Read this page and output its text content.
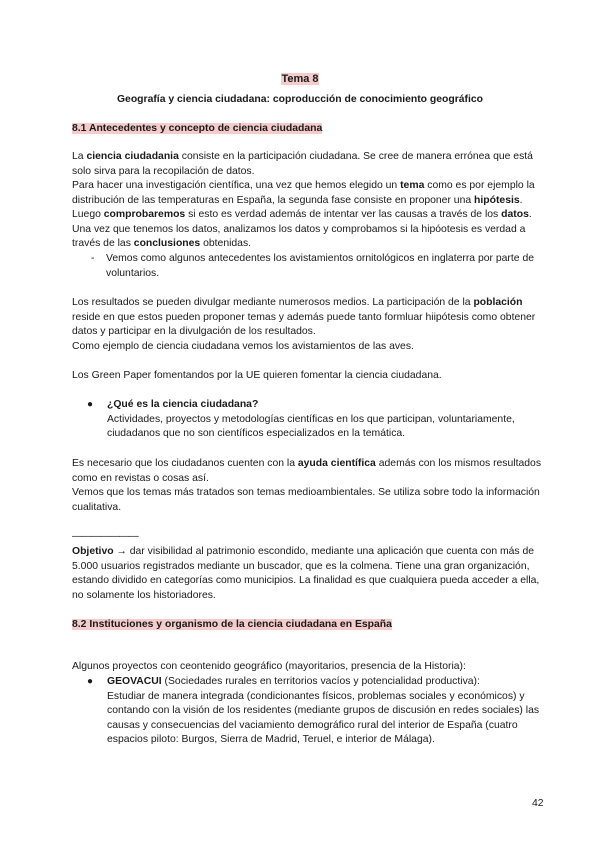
Tema 8
Geografía y ciencia ciudadana: coproducción de conocimiento geográfico
8.1 Antecedentes y concepto de ciencia ciudadana

La ciencia ciudadania consiste en la participación ciudadana. Se cree de manera errónea que está solo sirva para la recopilación de datos.

Para hacer una investigación científica, una vez que hemos elegido un tema como es por ejemplo la distribución de las temperaturas en España, la segunda fase consiste en proponer una hipótesis. Luego comprobaremos si esto es verdad además de intentar ver las causas a través de los datos. Una vez que tenemos los datos, analizamos los datos y comprobamos si la hipóotesis es verdad a través de las conclusiones obtenidas.

- Vemos como algunos antecedentes los avistamientos ornitológicos en inglaterra por parte de voluntarios.

Los resultados se pueden divulgar mediante numerosos medios. La participación de la población reside en que estos pueden proponer temas y además puede tanto formluar hiipótesis como obtener datos y participar en la divulgación de los resultados.

Como ejemplo de ciencia ciudadana vemos los avistamientos de las aves.

Los Green Paper fomentandos por la UE quieren fomentar la ciencia ciudadana.

● ¿Qué es la ciencia ciudadana?
Actividades, proyectos y metodologías científicas en los que participan, voluntariamente, ciudadanos que no son científicos especializados en la temática.

Es necesario que los ciudadanos cuenten con la ayuda científica además con los mismos resultados como en revistas o cosas así.

Vemos que los temas más tratados son temas medioambientales. Se utiliza sobre todo la información cualitativa.

———————

Objetivo → dar visibilidad al patrimonio escondido, mediante una aplicación que cuenta con más de 5.000 usuarios registrados mediante un buscador, que es la colmena. Tiene una gran organización, estando dividido en categorías como municipios. La finalidad es que cualquiera pueda acceder a ella, no solamente los historiadores.

8.2 Instituciones y organismo de la ciencia ciudadana en España

Algunos proyectos con ceontenido geográfico (mayoritarios, presencia de la Historia):

● GEOVACUI (Sociedades rurales en territorios vacíos y potencialidad productiva):
Estudiar de manera integrada (condicionantes físicos, problemas sociales y económicos) y contando con la visión de los residentes (mediante grupos de discusión en redes sociales) las causas y consecuencias del vaciamiento demográfico rural del interior de España (cuatro espacios piloto: Burgos, Sierra de Madrid, Teruel, e interior de Málaga).
42
